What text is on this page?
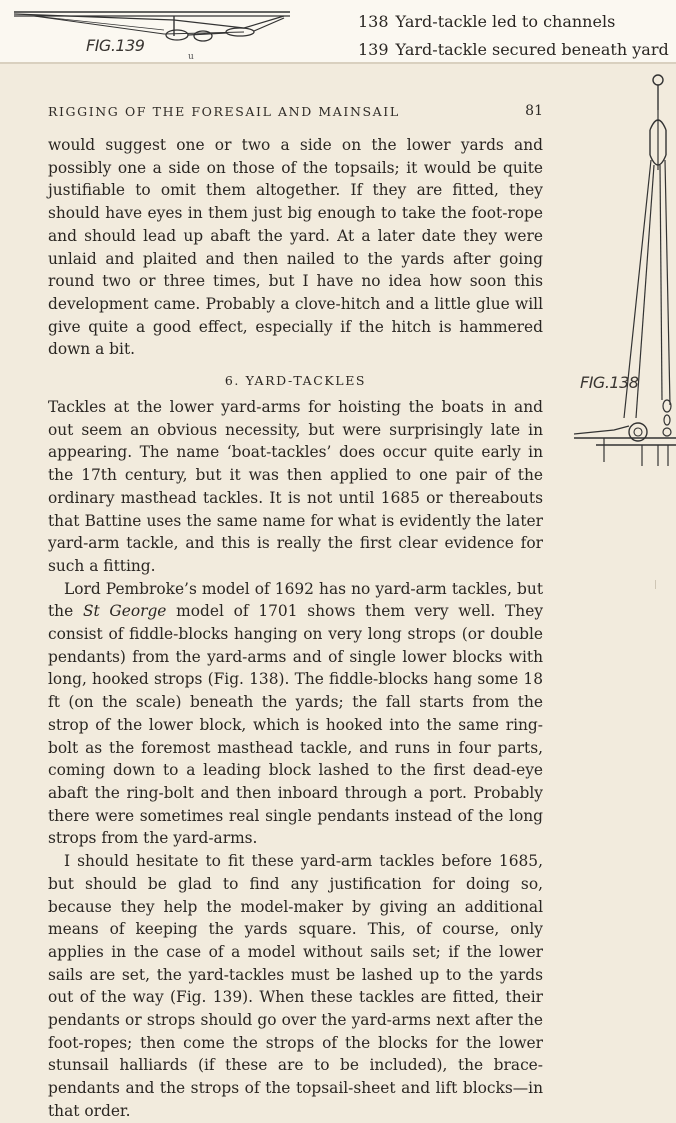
FIG.139
u
138 Yard-tackle led to channels
139 Yard-tackle secured beneath yard
RIGGING OF THE FORESAIL AND MAINSAIL	81

would suggest one or two a side on the lower yards and possibly one a side on those of the topsails; it would be quite justifiable to omit them altogether. If they are fitted, they should have eyes in them just big enough to take the foot-rope and should lead up abaft the yard. At a later date they were unlaid and plaited and then nailed to the yards after going round two or three times, but I have no idea how soon this development came. Probably a clove-hitch and a little glue will give quite a good effect, especially if the hitch is hammered down a bit.

6. YARD-TACKLES

Tackles at the lower yard-arms for hoisting the boats in and out seem an obvious necessity, but were surprisingly late in appearing. The name ‘boat-tackles’ does occur quite early in the 17th century, but it was then applied to one pair of the ordinary masthead tackles. It is not until 1685 or thereabouts that Battine uses the same name for what is evidently the later yard-arm tackle, and this is really the first clear evidence for such a fitting.

Lord Pembroke’s model of 1692 has no yard-arm tackles, but the St George model of 1701 shows them very well. They consist of fiddle-blocks hanging on very long strops (or double pendants) from the yard-arms and of single lower blocks with long, hooked strops (Fig. 138). The fiddle-blocks hang some 18 ft (on the scale) beneath the yards; the fall starts from the strop of the lower block, which is hooked into the same ring-bolt as the foremost masthead tackle, and runs in four parts, coming down to a leading block lashed to the first dead-eye abaft the ring-bolt and then inboard through a port. Probably there were sometimes real single pendants instead of the long strops from the yard-arms.

I should hesitate to fit these yard-arm tackles before 1685, but should be glad to find any justification for doing so, because they help the model-maker by giving an additional means of keeping the yards square. This, of course, only applies in the case of a model without sails set; if the lower sails are set, the yard-tackles must be lashed up to the yards out of the way (Fig. 139). When these tackles are fitted, their pendants or strops should go over the yard-arms next after the foot-ropes; then come the strops of the blocks for the lower stunsail halliards (if these are to be included), the brace-pendants and the strops of the topsail-sheet and lift blocks—in that order.

FIG.138
